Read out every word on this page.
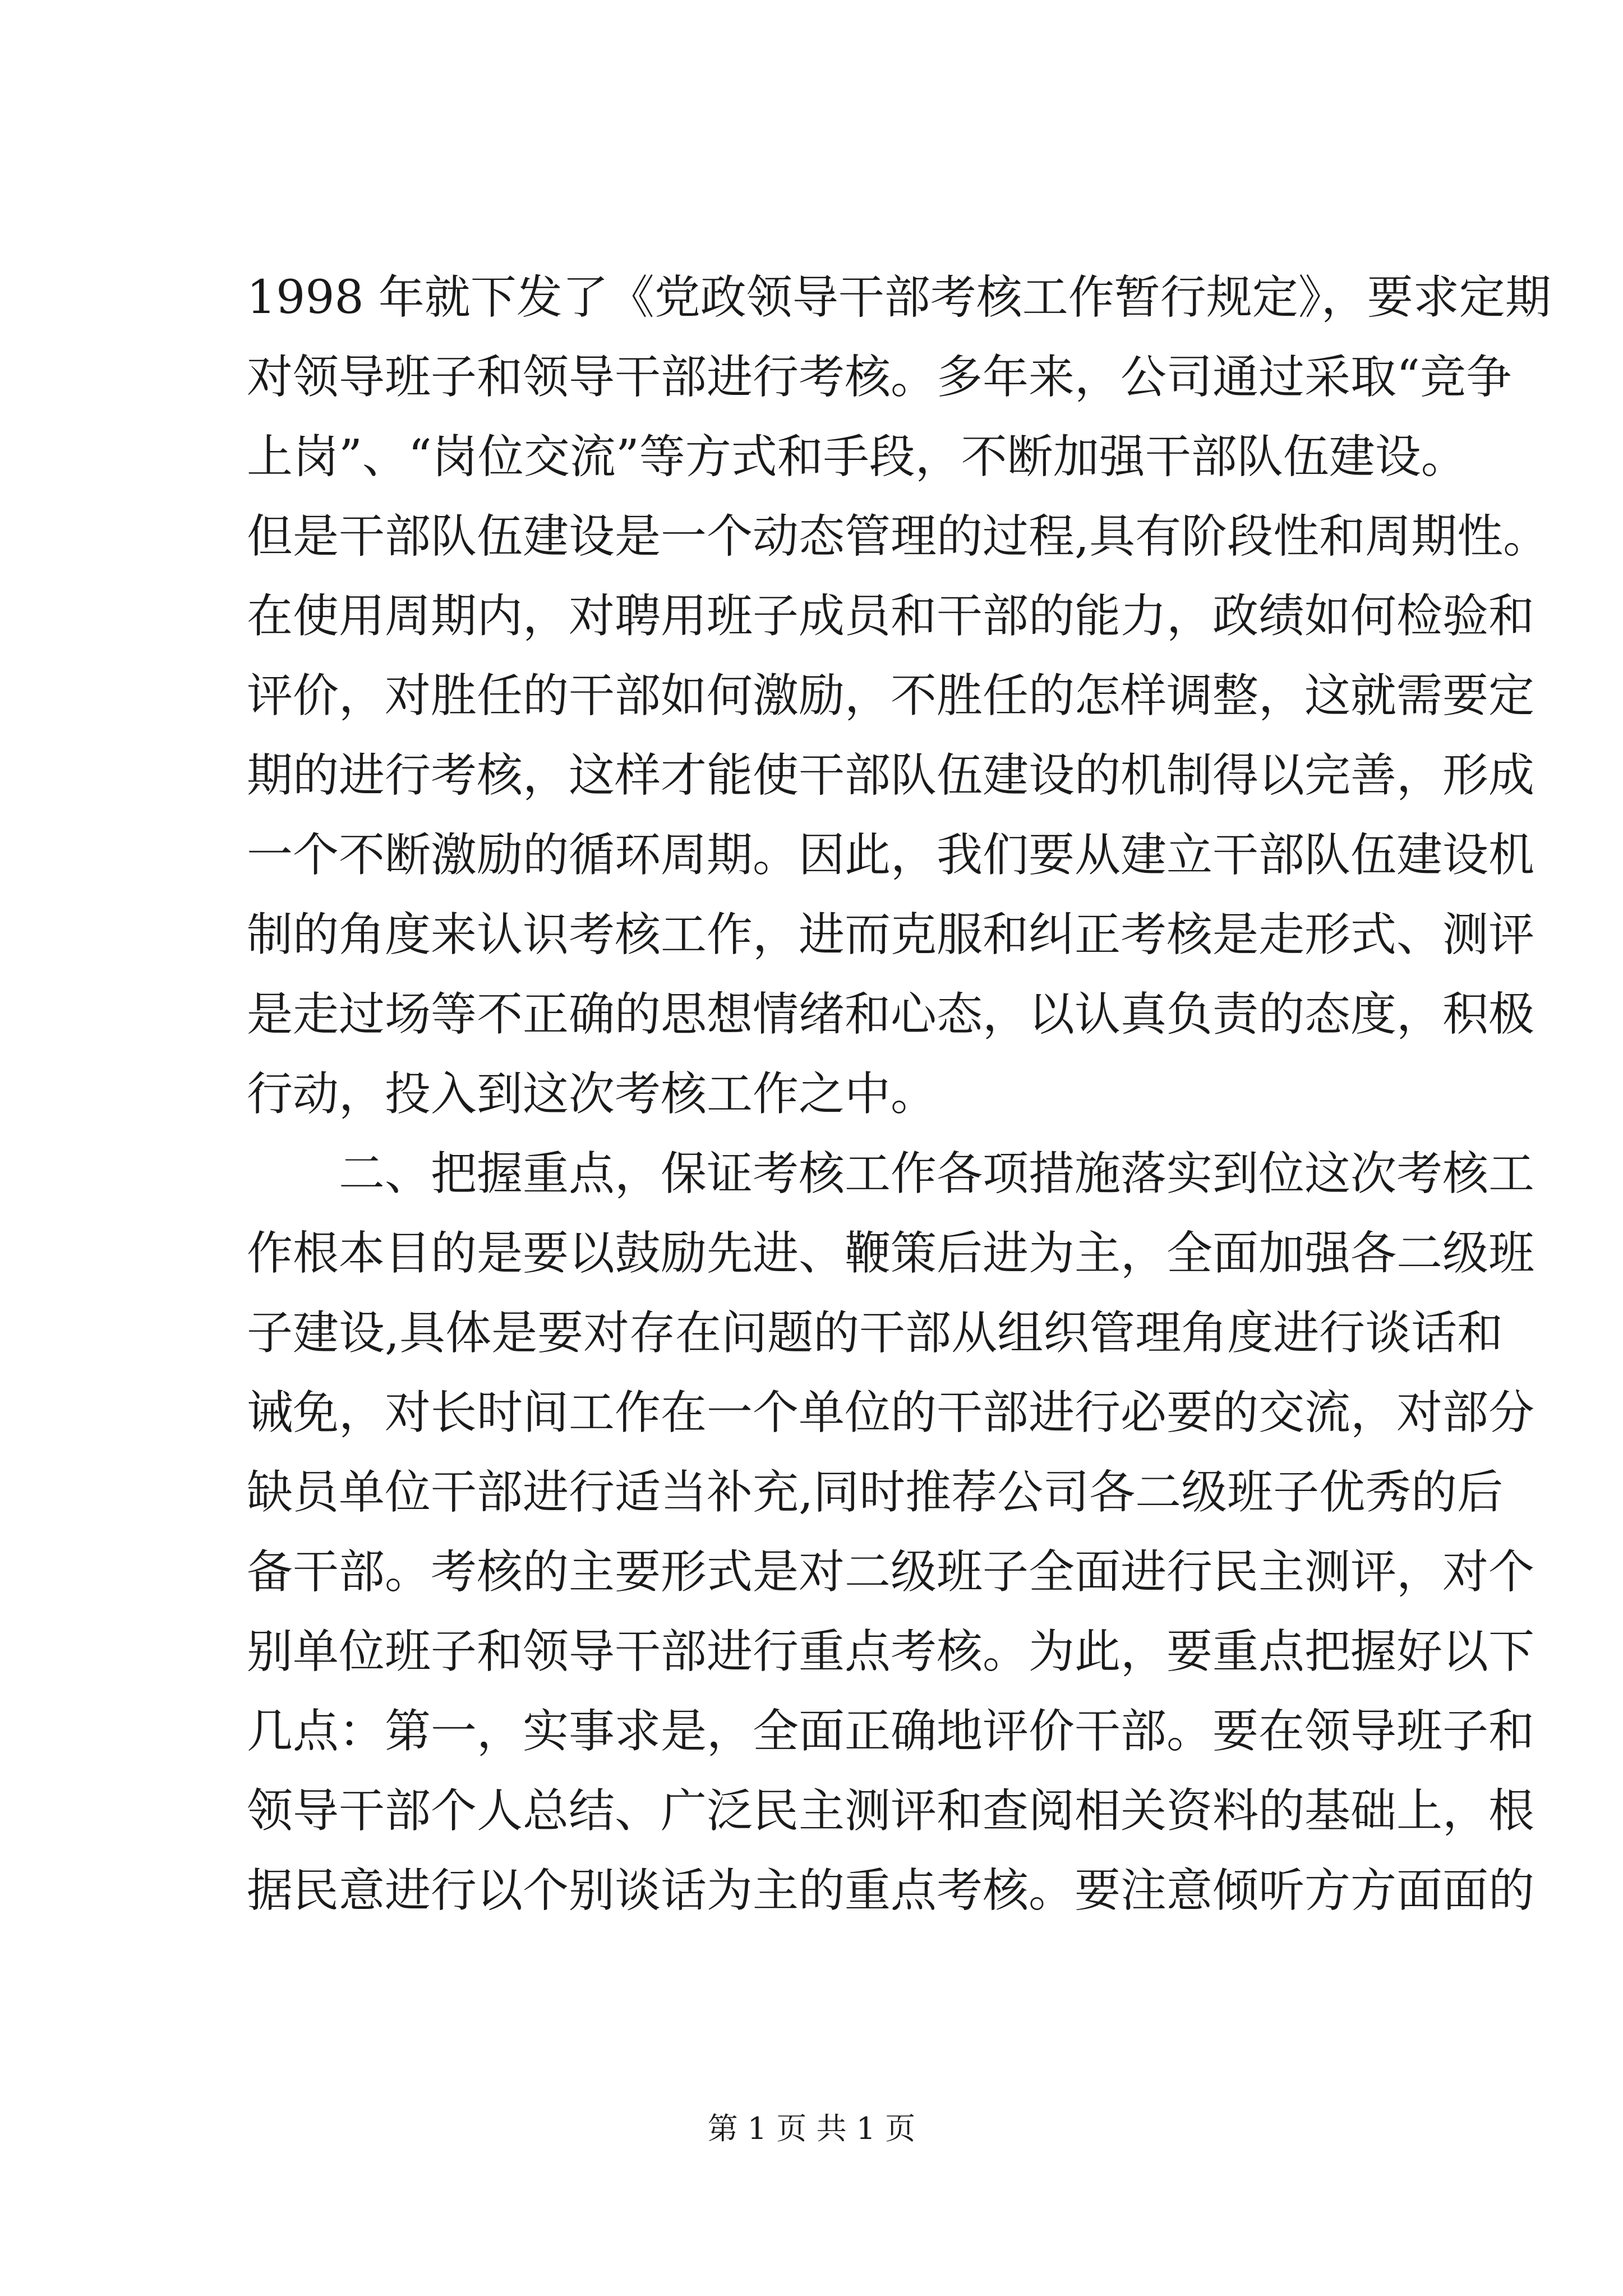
1998 年就下发了《党政领导干部考核工作暂行规定》，要求定期
对领导班子和领导干部进行考核。多年来，公司通过采取“竞争
上岗”、“岗位交流”等方式和手段，不断加强干部队伍建设。
但是干部队伍建设是一个动态管理的过程,具有阶段性和周期性。
在使用周期内，对聘用班子成员和干部的能力，政绩如何检验和
评价，对胜任的干部如何激励，不胜任的怎样调整，这就需要定
期的进行考核，这样才能使干部队伍建设的机制得以完善，形成
一个不断激励的循环周期。因此，我们要从建立干部队伍建设机
制的角度来认识考核工作，进而克服和纠正考核是走形式、测评
是走过场等不正确的思想情绪和心态，以认真负责的态度，积极
行动，投入到这次考核工作之中。
二、把握重点，保证考核工作各项措施落实到位这次考核工
作根本目的是要以鼓励先进、鞭策后进为主，全面加强各二级班
子建设,具体是要对存在问题的干部从组织管理角度进行谈话和
诫免，对长时间工作在一个单位的干部进行必要的交流，对部分
缺员单位干部进行适当补充,同时推荐公司各二级班子优秀的后
备干部。考核的主要形式是对二级班子全面进行民主测评，对个
别单位班子和领导干部进行重点考核。为此，要重点把握好以下
几点：第一，实事求是，全面正确地评价干部。要在领导班子和
领导干部个人总结、广泛民主测评和查阅相关资料的基础上，根
据民意进行以个别谈话为主的重点考核。要注意倾听方方面面的
第 1 页 共 1 页
